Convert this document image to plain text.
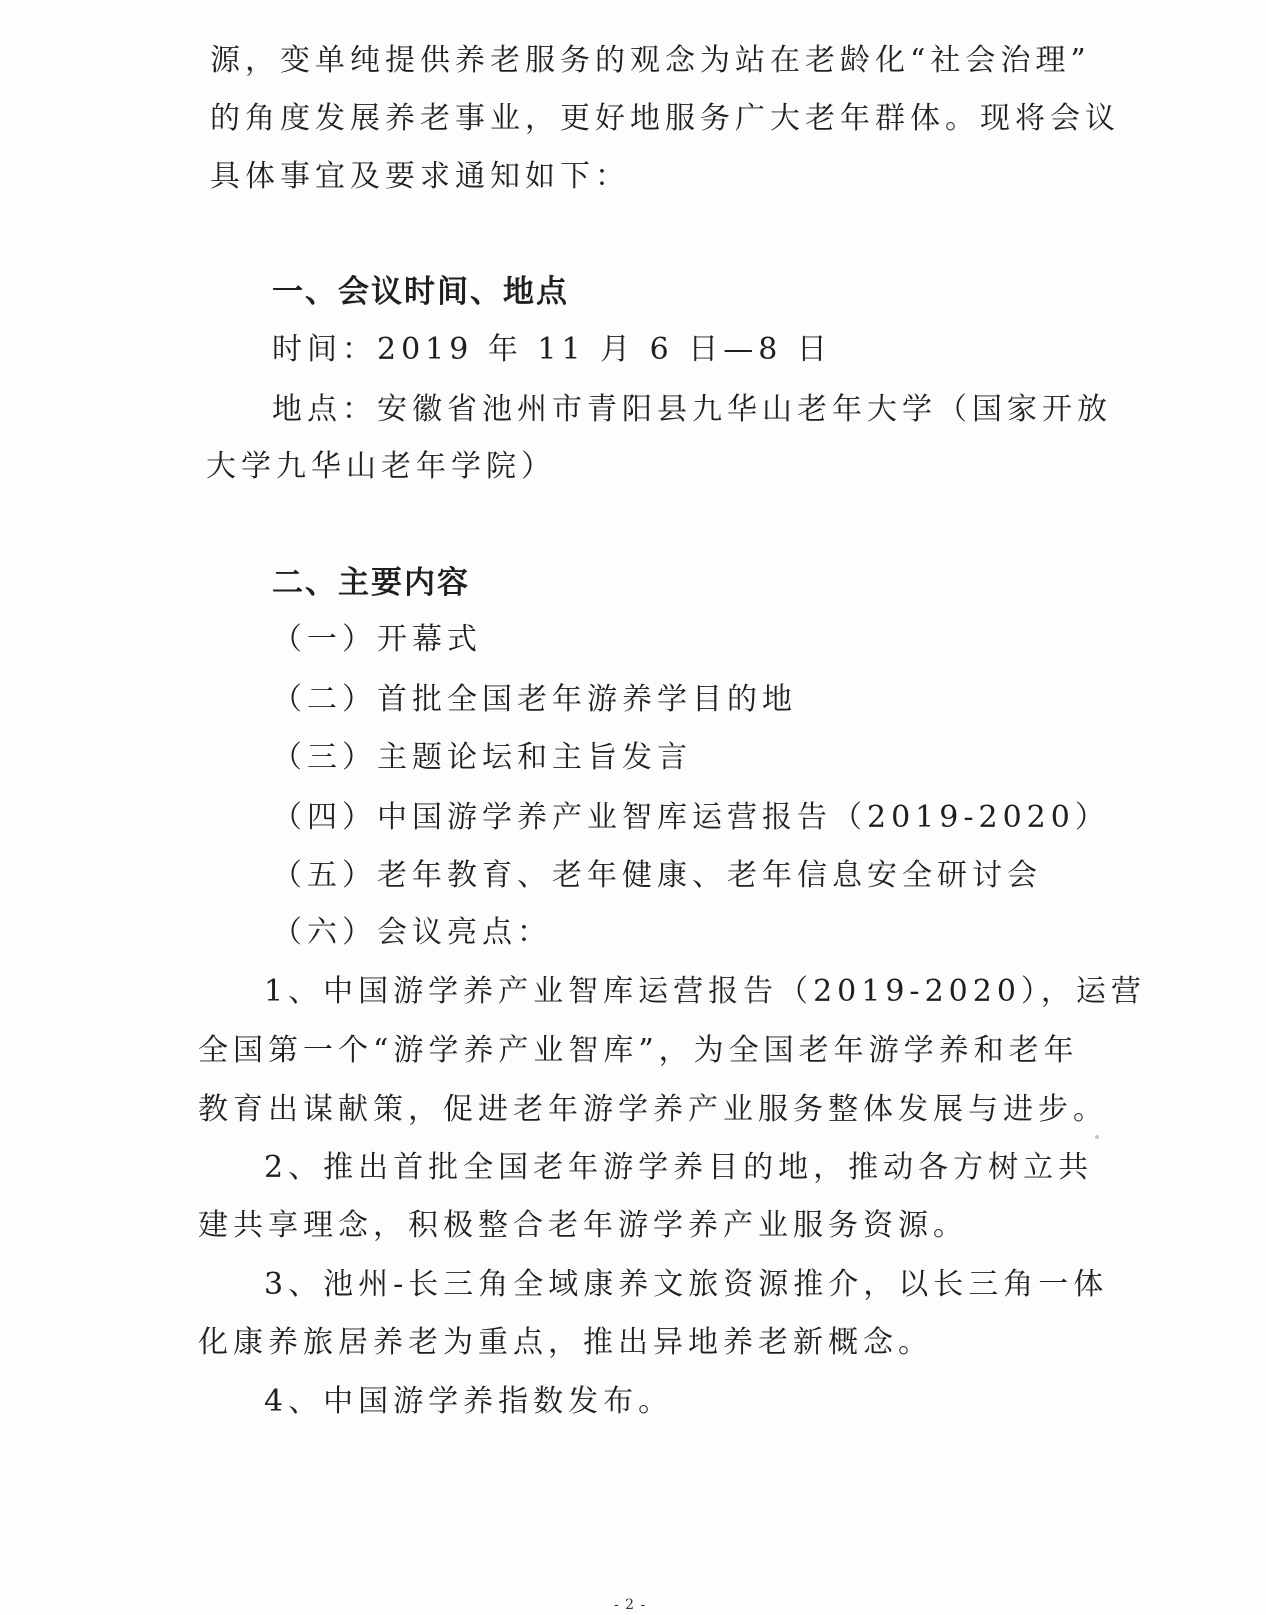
源，变单纯提供养老服务的观念为站在老龄化“社会治理”
的角度发展养老事业，更好地服务广大老年群体。现将会议
具体事宜及要求通知如下：
一、会议时间、地点
时间：2019 年 11 月 6 日—8 日
地点：安徽省池州市青阳县九华山老年大学（国家开放
大学九华山老年学院）
二、主要内容
（一）开幕式
（二）首批全国老年游养学目的地
（三）主题论坛和主旨发言
（四）中国游学养产业智库运营报告（2019-2020）
（五）老年教育、老年健康、老年信息安全研讨会
（六）会议亮点：
1、中国游学养产业智库运营报告（2019-2020），运营
全国第一个“游学养产业智库”，为全国老年游学养和老年
教育出谋献策，促进老年游学养产业服务整体发展与进步。
2、推出首批全国老年游学养目的地，推动各方树立共
建共享理念，积极整合老年游学养产业服务资源。
3、池州-长三角全域康养文旅资源推介，以长三角一体
化康养旅居养老为重点，推出异地养老新概念。
4、中国游学养指数发布。
- 2 -
